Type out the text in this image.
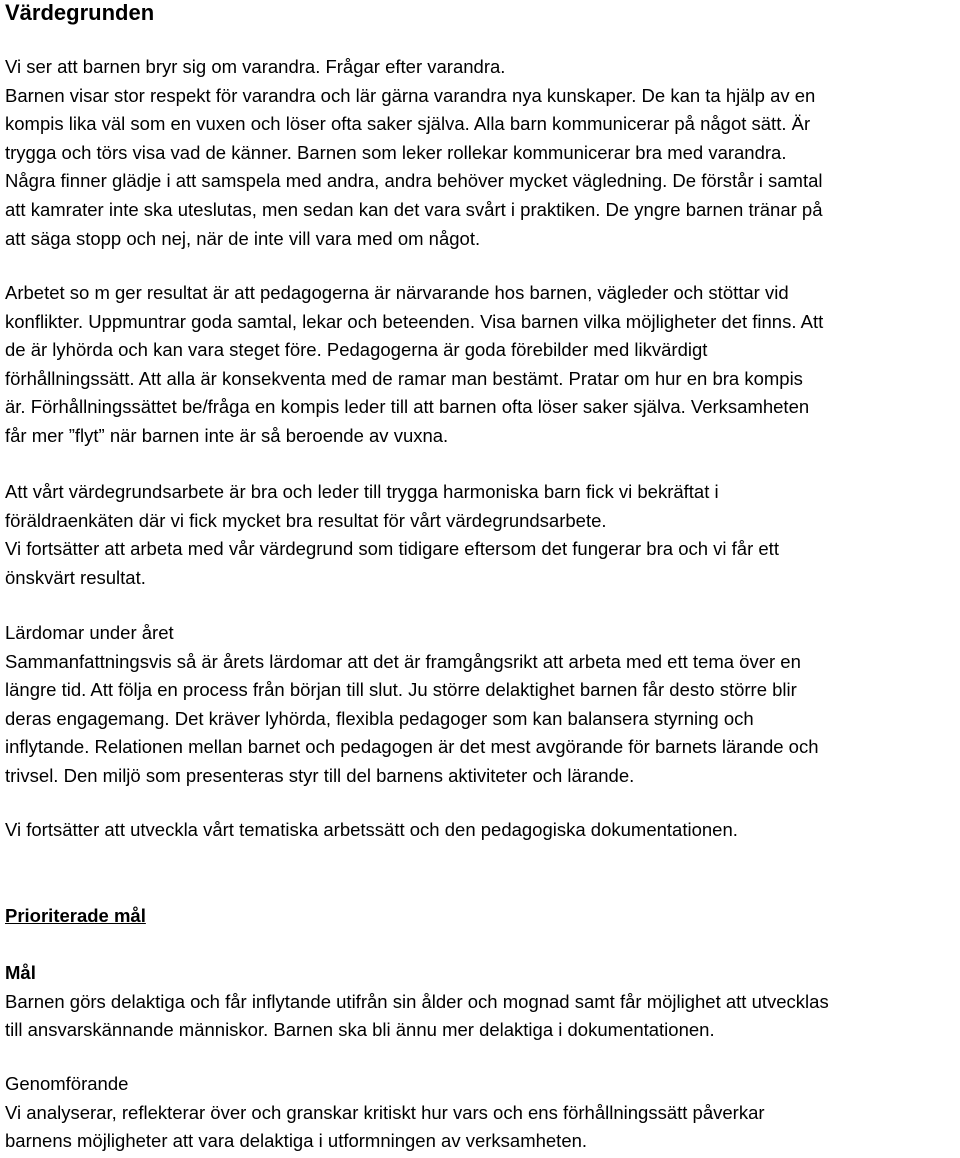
Värdegrunden
Vi ser att barnen bryr sig om varandra. Frågar efter varandra.
Barnen visar stor respekt för varandra och lär gärna varandra nya kunskaper. De kan ta hjälp av en
kompis lika väl som en vuxen och löser ofta saker själva. Alla barn kommunicerar på något sätt. Är
trygga och törs visa vad de känner. Barnen som leker rollekar kommunicerar bra med varandra.
Några finner glädje i att samspela med andra, andra behöver mycket vägledning. De förstår i samtal
att kamrater inte ska uteslutas, men sedan kan det vara svårt i praktiken. De yngre barnen tränar på
att säga stopp och nej, när de inte vill vara med om något.
Arbetet so m ger resultat är att pedagogerna är närvarande hos barnen, vägleder och stöttar vid
konflikter. Uppmuntrar goda samtal, lekar och beteenden. Visa barnen vilka möjligheter det finns. Att
de är lyhörda och kan vara steget före. Pedagogerna är goda förebilder med likvärdigt
förhållningssätt. Att alla är konsekventa med de ramar man bestämt. Pratar om hur en bra kompis
är. Förhållningssättet be/fråga en kompis leder till att barnen ofta löser saker själva. Verksamheten
får mer ”flyt” när barnen inte är så beroende av vuxna.
Att vårt värdegrundsarbete är bra och leder till trygga harmoniska barn fick vi bekräftat i
föräldraenkäten där vi fick mycket bra resultat för vårt värdegrundsarbete.
Vi fortsätter att arbeta med vår värdegrund som tidigare eftersom det fungerar bra och vi får ett
önskvärt resultat.
Lärdomar under året
Sammanfattningsvis så är årets lärdomar att det är framgångsrikt att arbeta med ett tema över en
längre tid. Att följa en process från början till slut. Ju större delaktighet barnen får desto större blir
deras engagemang. Det kräver lyhörda, flexibla pedagoger som kan balansera styrning och
inflytande. Relationen mellan barnet och pedagogen är det mest avgörande för barnets lärande och
trivsel. Den miljö som presenteras styr till del barnens aktiviteter och lärande.
Vi fortsätter att utveckla vårt tematiska arbetssätt och den pedagogiska dokumentationen.
Prioriterade mål
Mål
Barnen görs delaktiga och får inflytande utifrån sin ålder och mognad samt får möjlighet att utvecklas
till ansvarskännande människor. Barnen ska bli ännu mer delaktiga i dokumentationen.
Genomförande
Vi analyserar, reflekterar över och granskar kritiskt hur vars och ens förhållningssätt påverkar
barnens möjligheter att vara delaktiga i utformningen av verksamheten.
